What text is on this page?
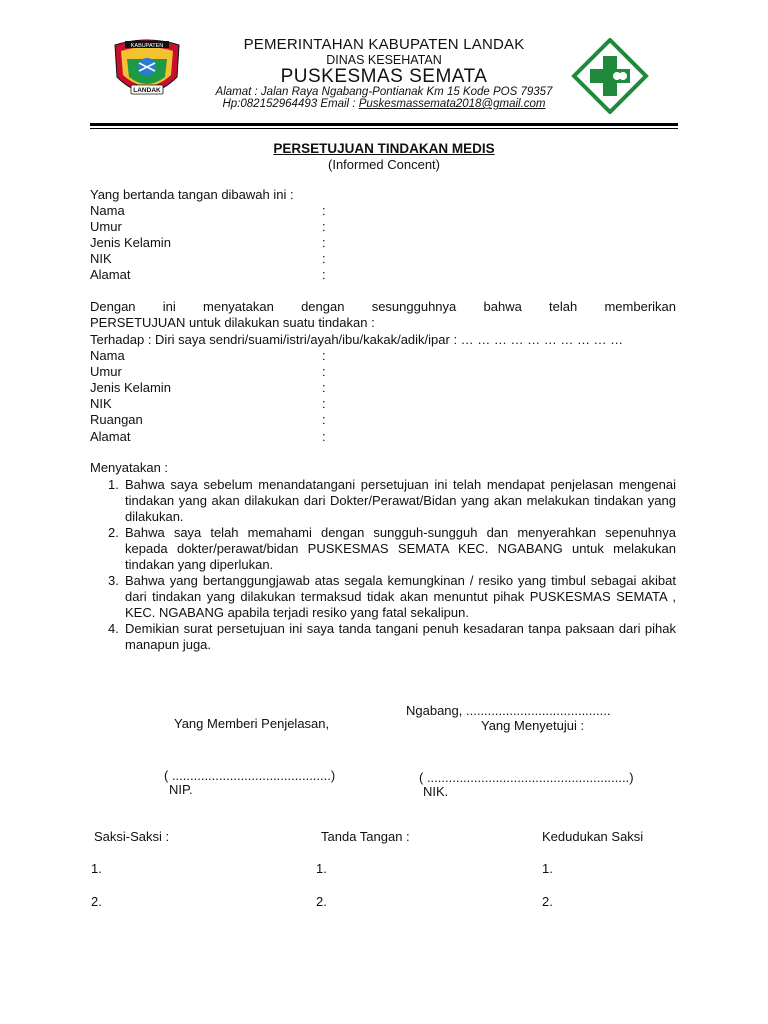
KABUPATEN
LANDAK
PEMERINTAHAN KABUPATEN LANDAK
DINAS KESEHATAN
PUSKESMAS SEMATA
Alamat : Jalan Raya Ngabang-Pontianak Km 15 Kode POS 79357
Hp:082152964493 Email : Puskesmassemata2018@gmail.com
PERSETUJUAN TINDAKAN MEDIS
(Informed Concent)
Yang bertanda tangan dibawah ini :
Nama	:
Umur	:
Jenis Kelamin	:
NIK	:
Alamat	:
Dengan ini menyatakan dengan sesungguhnya bahwa telah memberikan
PERSETUJUAN untuk dilakukan suatu tindakan :
Terhadap : Diri saya sendri/suami/istri/ayah/ibu/kakak/adik/ipar : … … … … … … … … … …
Nama	:
Umur	:
Jenis Kelamin	:
NIK	:
Ruangan	:
Alamat	:
Menyatakan :
1. Bahwa saya sebelum menandatangani persetujuan ini telah mendapat penjelasan mengenai tindakan yang akan dilakukan dari Dokter/Perawat/Bidan yang akan melakukan tindakan yang dilakukan.
2. Bahwa saya telah memahami dengan sungguh-sungguh dan menyerahkan sepenuhnya kepada dokter/perawat/bidan PUSKESMAS SEMATA KEC. NGABANG untuk melakukan tindakan yang diperlukan.
3. Bahwa yang bertanggungjawab atas segala kemungkinan / resiko yang timbul sebagai akibat dari tindakan yang dilakukan termaksud tidak akan menuntut pihak PUSKESMAS SEMATA , KEC. NGABANG apabila terjadi resiko yang fatal sekalipun.
4. Demikian surat persetujuan ini saya tanda tangani penuh kesadaran tanpa paksaan dari pihak manapun juga.
Ngabang, ........................................
Yang Memberi Penjelasan,	Yang Menyetujui :
( ............................................)
NIP.
( ........................................................)
NIK.
Saksi-Saksi :	Tanda Tangan :	Kedudukan Saksi
1.	1.	1.
2.	2.	2.
